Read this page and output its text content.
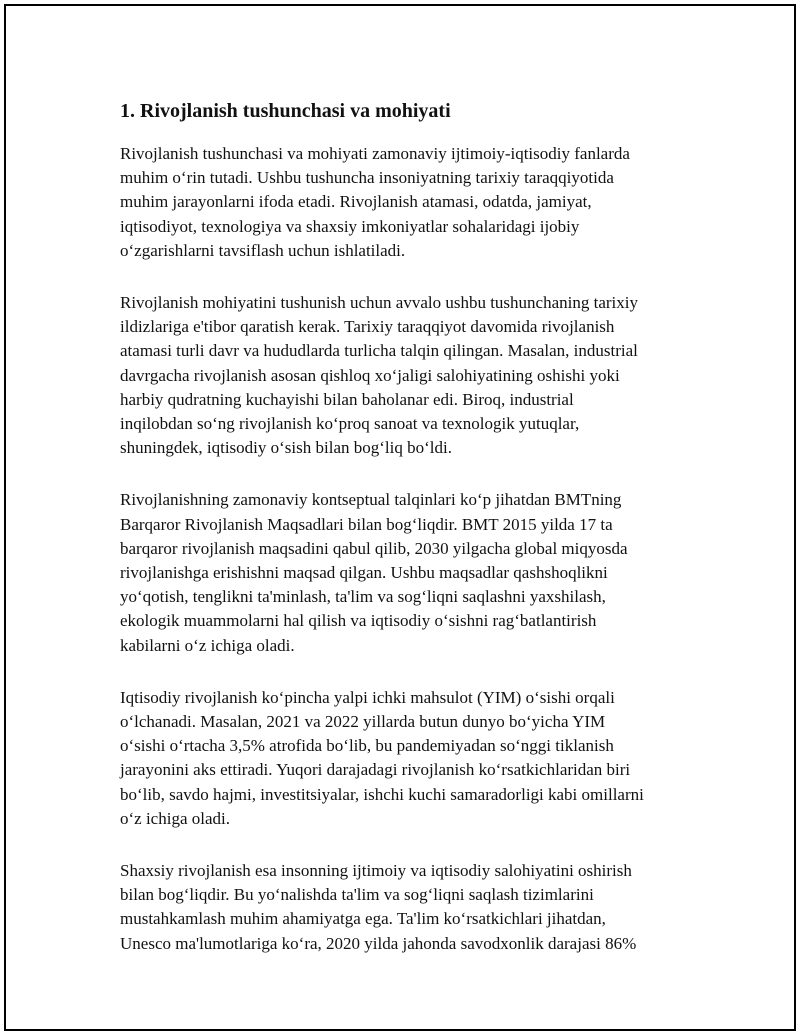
1. Rivojlanish tushunchasi va mohiyati

Rivojlanish tushunchasi va mohiyati zamonaviy ijtimoiy-iqtisodiy fanlarda
muhim o‘rin tutadi. Ushbu tushuncha insoniyatning tarixiy taraqqiyotida
muhim jarayonlarni ifoda etadi. Rivojlanish atamasi, odatda, jamiyat,
iqtisodiyot, texnologiya va shaxsiy imkoniyatlar sohalaridagi ijobiy
o‘zgarishlarni tavsiflash uchun ishlatiladi.

Rivojlanish mohiyatini tushunish uchun avvalo ushbu tushunchaning tarixiy
ildizlariga e'tibor qaratish kerak. Tarixiy taraqqiyot davomida rivojlanish
atamasi turli davr va hududlarda turlicha talqin qilingan. Masalan, industrial
davrgacha rivojlanish asosan qishloq xo‘jaligi salohiyatining oshishi yoki
harbiy qudratning kuchayishi bilan baholanar edi. Biroq, industrial
inqilobdan so‘ng rivojlanish ko‘proq sanoat va texnologik yutuqlar,
shuningdek, iqtisodiy o‘sish bilan bog‘liq bo‘ldi.

Rivojlanishning zamonaviy kontseptual talqinlari ko‘p jihatdan BMTning
Barqaror Rivojlanish Maqsadlari bilan bog‘liqdir. BMT 2015 yilda 17 ta
barqaror rivojlanish maqsadini qabul qilib, 2030 yilgacha global miqyosda
rivojlanishga erishishni maqsad qilgan. Ushbu maqsadlar qashshoqlikni
yo‘qotish, tenglikni ta'minlash, ta'lim va sog‘liqni saqlashni yaxshilash,
ekologik muammolarni hal qilish va iqtisodiy o‘sishni rag‘batlantirish
kabilarni o‘z ichiga oladi.

Iqtisodiy rivojlanish ko‘pincha yalpi ichki mahsulot (YIM) o‘sishi orqali
o‘lchanadi. Masalan, 2021 va 2022 yillarda butun dunyo bo‘yicha YIM
o‘sishi o‘rtacha 3,5% atrofida bo‘lib, bu pandemiyadan so‘nggi tiklanish
jarayonini aks ettiradi. Yuqori darajadagi rivojlanish ko‘rsatkichlaridan biri
bo‘lib, savdo hajmi, investitsiyalar, ishchi kuchi samaradorligi kabi omillarni
o‘z ichiga oladi.

Shaxsiy rivojlanish esa insonning ijtimoiy va iqtisodiy salohiyatini oshirish
bilan bog‘liqdir. Bu yo‘nalishda ta'lim va sog‘liqni saqlash tizimlarini
mustahkamlash muhim ahamiyatga ega. Ta'lim ko‘rsatkichlari jihatdan,
Unesco ma'lumotlariga ko‘ra, 2020 yilda jahonda savodxonlik darajasi 86%
